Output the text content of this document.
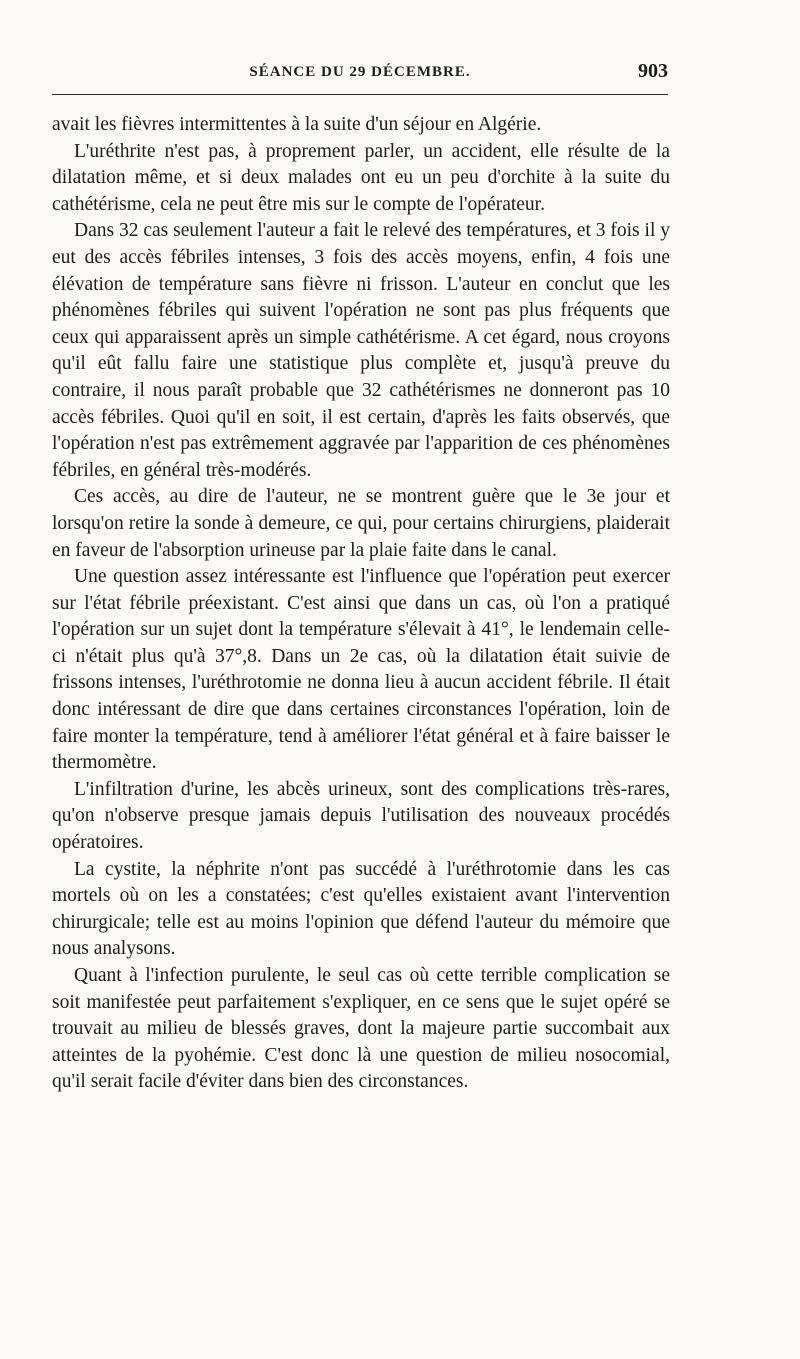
SÉANCE DU 29 DÉCEMBRE.	903

avait les fièvres intermittentes à la suite d'un séjour en Algérie.

L'uréthrite n'est pas, à proprement parler, un accident, elle résulte de la dilatation même, et si deux malades ont eu un peu d'orchite à la suite du cathétérisme, cela ne peut être mis sur le compte de l'opérateur.

Dans 32 cas seulement l'auteur a fait le relevé des températures, et 3 fois il y eut des accès fébriles intenses, 3 fois des accès moyens, enfin, 4 fois une élévation de température sans fièvre ni frisson. L'auteur en conclut que les phénomènes fébriles qui suivent l'opération ne sont pas plus fréquents que ceux qui apparaissent après un simple cathétérisme. A cet égard, nous croyons qu'il eût fallu faire une statistique plus complète et, jusqu'à preuve du contraire, il nous paraît probable que 32 cathétérismes ne donneront pas 10 accès fébriles. Quoi qu'il en soit, il est certain, d'après les faits observés, que l'opération n'est pas extrêmement aggravée par l'apparition de ces phénomènes fébriles, en général très-modérés.

Ces accès, au dire de l'auteur, ne se montrent guère que le 3e jour et lorsqu'on retire la sonde à demeure, ce qui, pour certains chirurgiens, plaiderait en faveur de l'absorption urineuse par la plaie faite dans le canal.

Une question assez intéressante est l'influence que l'opération peut exercer sur l'état fébrile préexistant. C'est ainsi que dans un cas, où l'on a pratiqué l'opération sur un sujet dont la température s'élevait à 41°, le lendemain celle-ci n'était plus qu'à 37°,8. Dans un 2e cas, où la dilatation était suivie de frissons intenses, l'uréthrotomie ne donna lieu à aucun accident fébrile. Il était donc intéressant de dire que dans certaines circonstances l'opération, loin de faire monter la température, tend à améliorer l'état général et à faire baisser le thermomètre.

L'infiltration d'urine, les abcès urineux, sont des complications très-rares, qu'on n'observe presque jamais depuis l'utilisation des nouveaux procédés opératoires.

La cystite, la néphrite n'ont pas succédé à l'uréthrotomie dans les cas mortels où on les a constatées; c'est qu'elles existaient avant l'intervention chirurgicale; telle est au moins l'opinion que défend l'auteur du mémoire que nous analysons.

Quant à l'infection purulente, le seul cas où cette terrible complication se soit manifestée peut parfaitement s'expliquer, en ce sens que le sujet opéré se trouvait au milieu de blessés graves, dont la majeure partie succombait aux atteintes de la pyohémie. C'est donc là une question de milieu nosocomial, qu'il serait facile d'éviter dans bien des circonstances.
